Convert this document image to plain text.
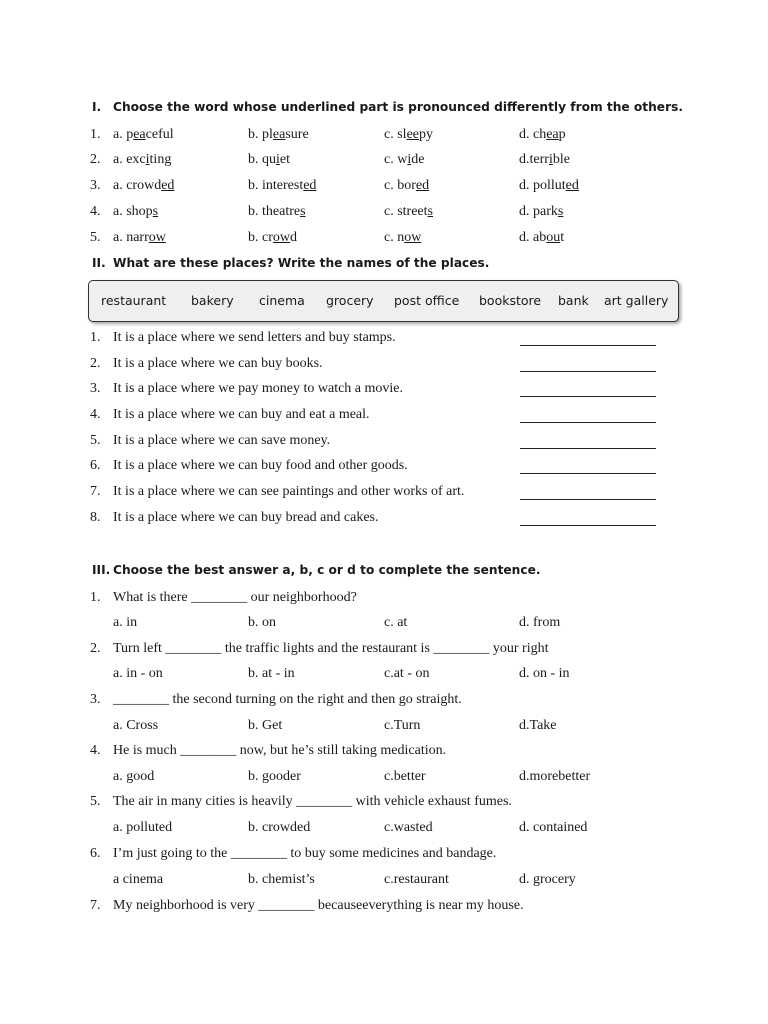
I. Choose the word whose underlined part is pronounced differently from the others.
1. a. peaceful	b. pleasure	c. sleepy	d. cheap
2. a. exciting	b. quiet	c. wide	d.terrible
3. a. crowded	b. interested	c. bored	d. polluted
4. a. shops	b. theatres	c. streets	d. parks
5. a. narrow	b. crowd	c. now	d. about
II. What are these places? Write the names of the places.
restaurant bakery cinema grocery post office bookstore bank art gallery
1. It is a place where we send letters and buy stamps.
2. It is a place where we can buy books.
3. It is a place where we pay money to watch a movie.
4. It is a place where we can buy and eat a meal.
5. It is a place where we can save money.
6. It is a place where we can buy food and other goods.
7. It is a place where we can see paintings and other works of art.
8. It is a place where we can buy bread and cakes.
III. Choose the best answer a, b, c or d to complete the sentence.
1. What is there ________ our neighborhood?
a. in	b. on	c. at	d. from
2. Turn left ________ the traffic lights and the restaurant is ________ your right
a. in - on	b. at - in	c.at - on	d. on - in
3. ________ the second turning on the right and then go straight.
a. Cross	b. Get	c.Turn	d.Take
4. He is much ________ now, but he’s still taking medication.
a. good	b. gooder	c.better	d.morebetter
5. The air in many cities is heavily ________ with vehicle exhaust fumes.
a. polluted	b. crowded	c.wasted	d. contained
6. I’m just going to the ________ to buy some medicines and bandage.
a cinema	b. chemist’s	c.restaurant	d. grocery
7. My neighborhood is very ________ becauseeverything is near my house.
